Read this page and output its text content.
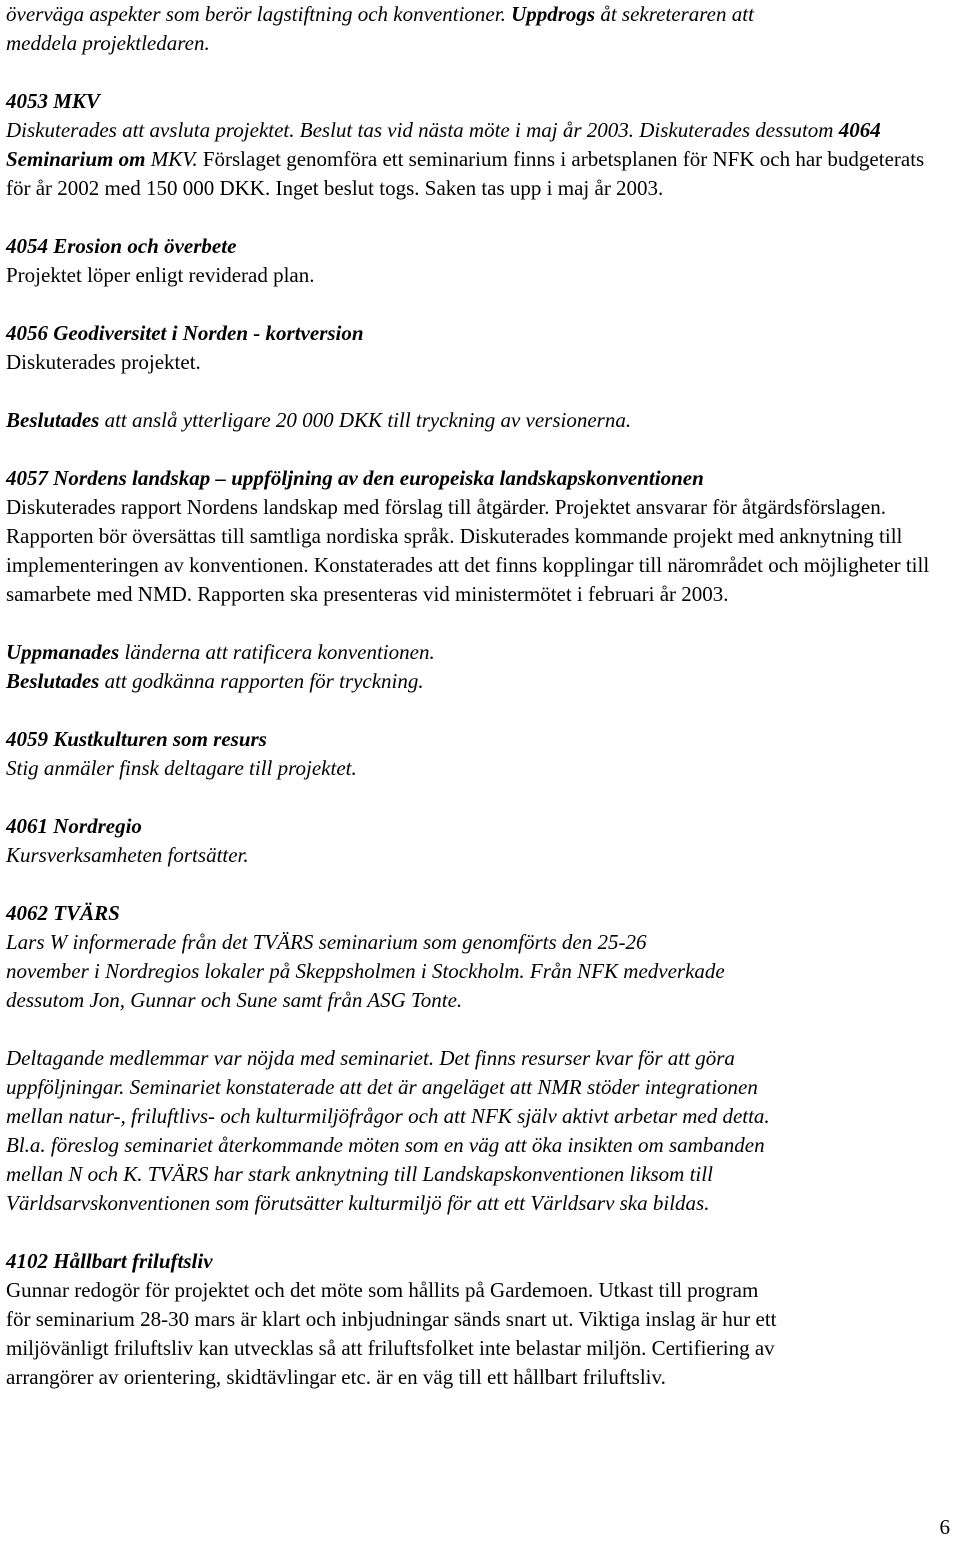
överväga aspekter som berör lagstiftning och konventioner. Uppdrogs åt sekreteraren att
meddela projektledaren.

4053 MKV
Diskuterades att avsluta projektet. Beslut tas vid nästa möte i maj år 2003. Diskuterades dessutom 4064 Seminarium om MKV. Förslaget genomföra ett seminarium finns i arbetsplanen för NFK och har budgeterats för år 2002 med 150 000 DKK. Inget beslut togs. Saken tas upp i maj år 2003.

4054 Erosion och överbete
Projektet löper enligt reviderad plan.

4056 Geodiversitet i Norden - kortversion
Diskuterades projektet.

Beslutades att anslå ytterligare 20 000 DKK till tryckning av versionerna.

4057 Nordens landskap – uppföljning av den europeiska landskapskonventionen
Diskuterades rapport Nordens landskap med förslag till åtgärder. Projektet ansvarar för åtgärdsförslagen. Rapporten bör översättas till samtliga nordiska språk. Diskuterades kommande projekt med anknytning till implementeringen av konventionen. Konstaterades att det finns kopplingar till närområdet och möjligheter till samarbete med NMD. Rapporten ska presenteras vid ministermötet i februari år 2003.

Uppmanades länderna att ratificera konventionen.
Beslutades att godkänna rapporten för tryckning.

4059 Kustkulturen som resurs
Stig anmäler finsk deltagare till projektet.

4061 Nordregio
Kursverksamheten fortsätter.

4062 TVÄRS
Lars W informerade från det TVÄRS seminarium som genomförts den 25-26
november i Nordregios lokaler på Skeppsholmen i Stockholm. Från NFK medverkade
dessutom Jon, Gunnar och Sune samt från ASG Tonte.

Deltagande medlemmar var nöjda med seminariet. Det finns resurser kvar för att göra
uppföljningar. Seminariet konstaterade att det är angeläget att NMR stöder integrationen
mellan natur-, friluftlivs- och kulturmiljöfrågor och att NFK själv aktivt arbetar med detta.
Bl.a. föreslog seminariet återkommande möten som en väg att öka insikten om sambanden
mellan N och K. TVÄRS har stark anknytning till Landskapskonventionen liksom till
Världsarvskonventionen som förutsätter kulturmiljö för att ett Världsarv ska bildas.

4102 Hållbart friluftsliv
Gunnar redogör för projektet och det möte som hållits på Gardemoen. Utkast till program
för seminarium 28-30 mars är klart och inbjudningar sänds snart ut. Viktiga inslag är hur ett
miljövänligt friluftsliv kan utvecklas så att friluftsfolket inte belastar miljön. Certifiering av
arrangörer av orientering, skidtävlingar etc. är en väg till ett hållbart friluftsliv.

6
